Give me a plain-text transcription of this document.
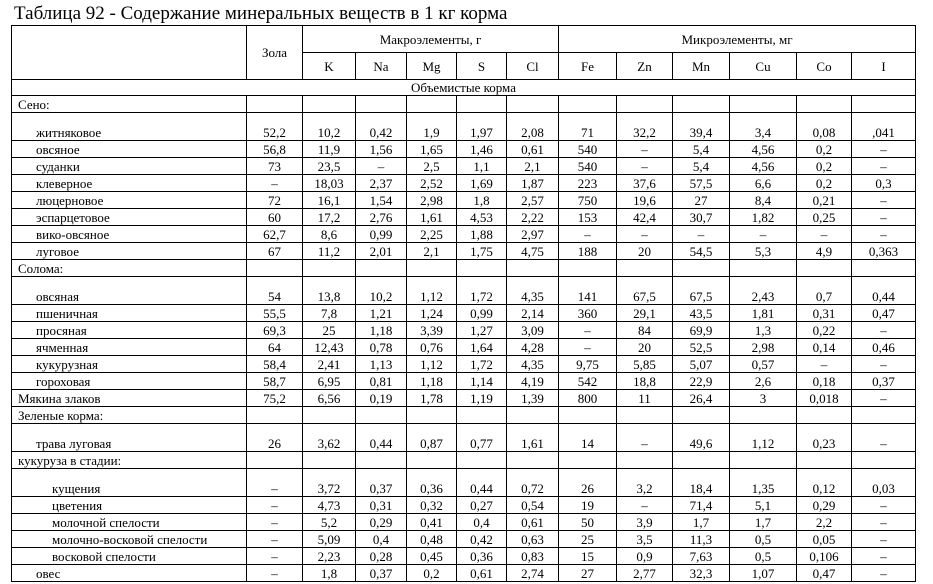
Таблица 92 - Содержание минеральных веществ в 1 кг корма
	Зола	Макроэлементы, г					Микроэлементы, мг					
		K	Na	Mg	S	Cl	Fe	Zn	Mn	Cu	Co	I
Объемистые корма												
Сено:												
житняковое	52,2	10,2	0,42	1,9	1,97	2,08	71	32,2	39,4	3,4	0,08	,041
овсяное	56,8	11,9	1,56	1,65	1,46	0,61	540	–	5,4	4,56	0,2	–
суданки	73	23,5	–	2,5	1,1	2,1	540	–	5,4	4,56	0,2	–
клеверное	–	18,03	2,37	2,52	1,69	1,87	223	37,6	57,5	6,6	0,2	0,3
люцерновое	72	16,1	1,54	2,98	1,8	2,57	750	19,6	27	8,4	0,21	–
эспарцетовое	60	17,2	2,76	1,61	4,53	2,22	153	42,4	30,7	1,82	0,25	–
вико-овсяное	62,7	8,6	0,99	2,25	1,88	2,97	–	–	–	–	–	–
луговое	67	11,2	2,01	2,1	1,75	4,75	188	20	54,5	5,3	4,9	0,363
Солома:												
овсяная	54	13,8	10,2	1,12	1,72	4,35	141	67,5	67,5	2,43	0,7	0,44
пшеничная	55,5	7,8	1,21	1,24	0,99	2,14	360	29,1	43,5	1,81	0,31	0,47
просяная	69,3	25	1,18	3,39	1,27	3,09	–	84	69,9	1,3	0,22	–
ячменная	64	12,43	0,78	0,76	1,64	4,28	–	20	52,5	2,98	0,14	0,46
кукурузная	58,4	2,41	1,13	1,12	1,72	4,35	9,75	5,85	5,07	0,57	–	–
гороховая	58,7	6,95	0,81	1,18	1,14	4,19	542	18,8	22,9	2,6	0,18	0,37
Мякина злаков	75,2	6,56	0,19	1,78	1,19	1,39	800	11	26,4	3	0,018	–
Зеленые корма:												
трава луговая	26	3,62	0,44	0,87	0,77	1,61	14	–	49,6	1,12	0,23	–
кукуруза в стадии:												
кущения	–	3,72	0,37	0,36	0,44	0,72	26	3,2	18,4	1,35	0,12	0,03
цветения	–	4,73	0,31	0,32	0,27	0,54	19	–	71,4	5,1	0,29	–
молочной спелости	–	5,2	0,29	0,41	0,4	0,61	50	3,9	1,7	1,7	2,2	–
молочно-восковой спелости	–	5,09	0,4	0,48	0,42	0,63	25	3,5	11,3	0,5	0,05	–
восковой спелости	–	2,23	0,28	0,45	0,36	0,83	15	0,9	7,63	0,5	0,106	–
овес	–	1,8	0,37	0,2	0,61	2,74	27	2,77	32,3	1,07	0,47	–
